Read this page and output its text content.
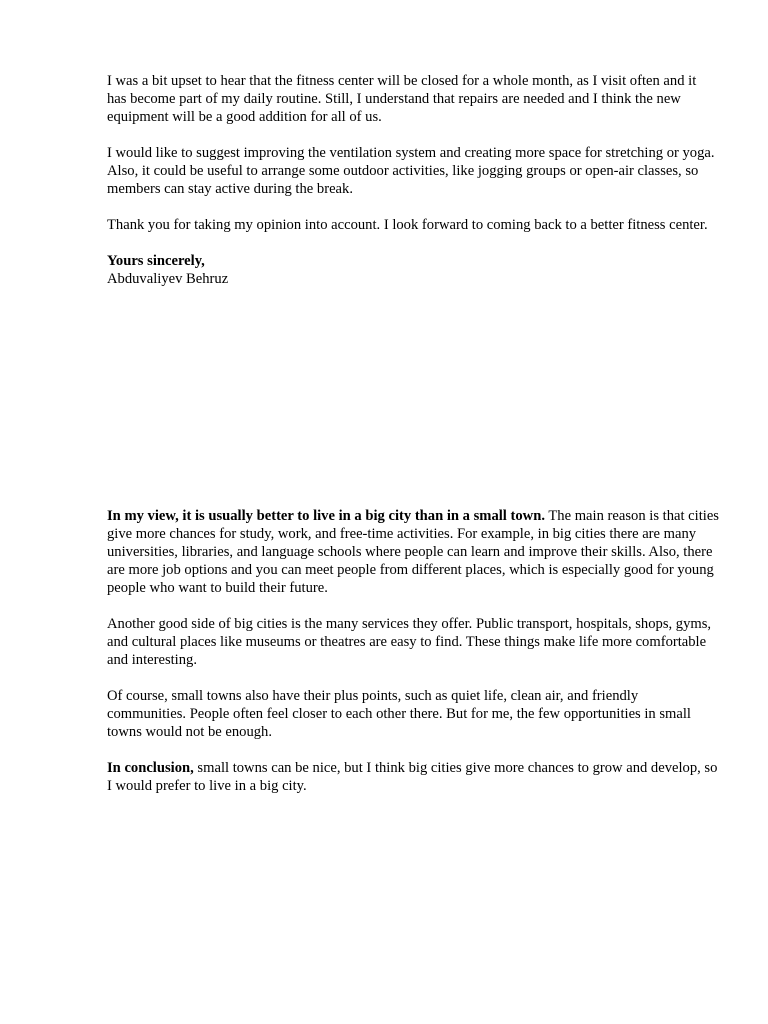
I was a bit upset to hear that the fitness center will be closed for a whole month, as I visit often and it has become part of my daily routine. Still, I understand that repairs are needed and I think the new equipment will be a good addition for all of us.

I would like to suggest improving the ventilation system and creating more space for stretching or yoga. Also, it could be useful to arrange some outdoor activities, like jogging groups or open-air classes, so members can stay active during the break.

Thank you for taking my opinion into account. I look forward to coming back to a better fitness center.

Yours sincerely,

Abduvaliyev Behruz

In my view, it is usually better to live in a big city than in a small town. The main reason is that cities give more chances for study, work, and free-time activities. For example, in big cities there are many universities, libraries, and language schools where people can learn and improve their skills. Also, there are more job options and you can meet people from different places, which is especially good for young people who want to build their future.

Another good side of big cities is the many services they offer. Public transport, hospitals, shops, gyms, and cultural places like museums or theatres are easy to find. These things make life more comfortable and interesting.

Of course, small towns also have their plus points, such as quiet life, clean air, and friendly communities. People often feel closer to each other there. But for me, the few opportunities in small towns would not be enough.

In conclusion, small towns can be nice, but I think big cities give more chances to grow and develop, so I would prefer to live in a big city.
